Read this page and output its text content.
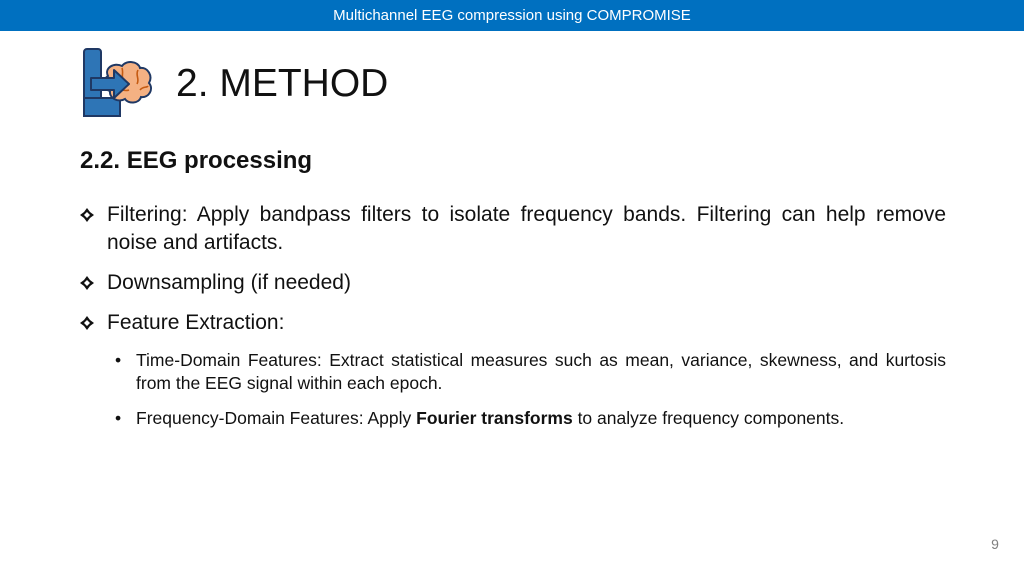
Multichannel EEG compression using COMPROMISE
2. METHOD
2.2. EEG processing
Filtering: Apply bandpass filters to isolate frequency bands. Filtering can help remove noise and artifacts.
Downsampling (if needed)
Feature Extraction:
• Time-Domain Features: Extract statistical measures such as mean, variance, skewness, and kurtosis from the EEG signal within each epoch.
• Frequency-Domain Features: Apply Fourier transforms to analyze frequency components.
9
